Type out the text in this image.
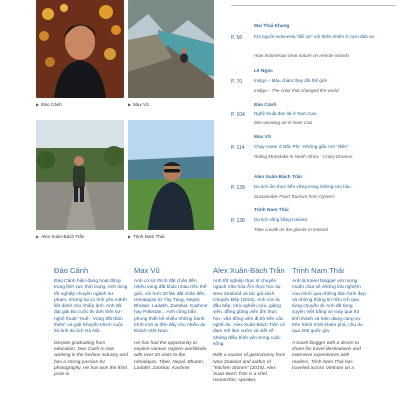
▶ Đào Cảnh	▶ Max Vũ
▶ Alex Xuân-Bách Trần	▶ Trịnh Nam Thái
Mai Thái Khang
P. 58	Khi người Indonesia "đổi xử" với thiên nhiên ở cựm đảo xa
How Indonesian treat nature on remote islands
Lê Ngọc
P. 70	Indigo – Màu chàm thay đổi thế giới
Indigo – The color that changed the world
Đào Cảnh
P. 104 Nghệ thuật đan lát ở Nam Cao
Site weaving art in Nam Cao
Max Vũ
P. 114 Chạy motor ở Bắc Phi - Những giấc mơ "điên"
Riding Motorbike in North Africa - Crazy Dreams.
Alex Xuân-Bách Trần
P. 128 Du lịch ẩm thực bền vững trong những con hàu
Sustainable Food Tourism from Oysters
Trịnh Nam Thái
P. 138 Du lịch sống bằng Iceland
Take a walk on the glacier in Iceland
Đào Cảnh

Đào Cảnh hiện đang hoạt động trong lĩnh vực thời trang. Anh từng tốt nghiệp chuyên ngành sư phạm, nhưng lại có tình yêu mãnh liệt dành cho nhiếp ảnh. Anh đã đạt giải Ba cuộc thi ảnh thời sự-nghệ thuật "Huế - Vùng đất thân thiện" và giải Khuyến khích cuộc thi ảnh du lịch Hà Nội.

Despite graduating from education, Dao Canh is now working in the fashion industry and has a strong passion for photography. He has won the third prize in

Max Vũ

Anh có sở thích đặt chân đến nhiều vùng đất khác nhau trên thế giới, với hơn 20 lần đặt chân đến Himalayas từ Tây Tạng, Nepal, Bhutan, Ladakh, Zanskar, Kashmir hay Pakistan... Anh cũng bắn phong thiết kế nhiều những hành trình mới lạ đến đây cho nhiều du khách Việt Nam.

He has had the opportunity to explore various regions worldwide, with over 20 visits to the Himalayas, Tibet, Nepal, Bhutan, Ladakh, Zanskar, Kashmir

Alex Xuân-Bách Trần

Anh tốt nghiệp thạc sĩ chuyên ngành Văn hóa Ẩm thực học tại New Zealand và tác giả sách Chuyện Bếp (2015). Anh còn là đầu bếp, nhà nghiên cứu, giảng viên, đồng giảng viên ẩm thực học, vận động viên đi bộ trên các nghề dư. Alex Xuân-Bách Trần có đam mê làm vườn và viết về những điều bình yên trong cuộc sống.

With a master of gastronomy from New Zealand and author of "Kitchen Stories" (2015), Alex Xuan-Bach Tran is a chef, researcher, speaker,

Trịnh Nam Thái

Anh là travel blogger với mong muốn chia sẻ những trải nghiệm của mình qua những tấm hình đẹp và những thông tin hữu ích qua từng chuyến đi. Anh đã từng xuyên Việt bằng xe máy qua 63 tỉnh thành và hiện đang cùng vợ trên hành trình khám phá, chụ du qua 200 quốc gia.

A travel blogger with a desire to share his travel destinations and extensive experiences with readers, Trinh Nam Thai has traveled across Vietnam on a
